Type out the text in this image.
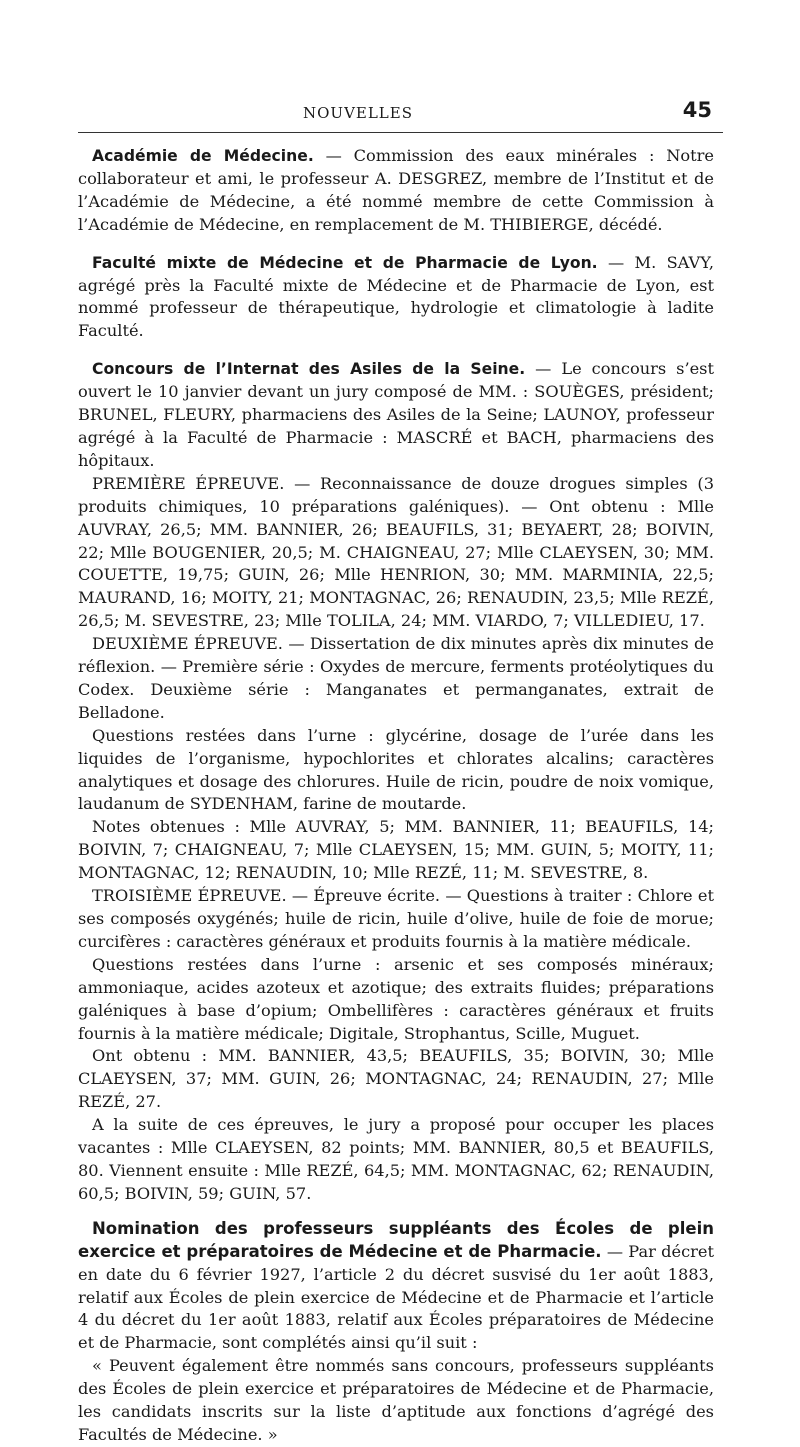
NOUVELLES	45

Académie de Médecine. — Commission des eaux minérales : Notre collaborateur et ami, le professeur A. DESGREZ, membre de l’Institut et de l’Académie de Médecine, a été nommé membre de cette Commission à l’Académie de Médecine, en remplacement de M. THIBIERGE, décédé.

Faculté mixte de Médecine et de Pharmacie de Lyon. — M. SAVY, agrégé près la Faculté mixte de Médecine et de Pharmacie de Lyon, est nommé professeur de thérapeutique, hydrologie et climatologie à ladite Faculté.

Concours de l’Internat des Asiles de la Seine. — Le concours s’est ouvert le 10 janvier devant un jury composé de MM. : SOUÈGES, président; BRUNEL, FLEURY, pharmaciens des Asiles de la Seine; LAUNOY, professeur agrégé à la Faculté de Pharmacie : MASCRÉ et BACH, pharmaciens des hôpitaux.

PREMIÈRE ÉPREUVE. — Reconnaissance de douze drogues simples (3 produits chimiques, 10 préparations galéniques). — Ont obtenu : Mlle AUVRAY, 26,5; MM. BANNIER, 26; BEAUFILS, 31; BEYAERT, 28; BOIVIN, 22; Mlle BOUGENIER, 20,5; M. CHAIGNEAU, 27; Mlle CLAEYSEN, 30; MM. COUETTE, 19,75; GUIN, 26; Mlle HENRION, 30; MM. MARMINIA, 22,5; MAURAND, 16; MOITY, 21; MONTAGNAC, 26; RENAUDIN, 23,5; Mlle REZÉ, 26,5; M. SEVESTRE, 23; Mlle TOLILA, 24; MM. VIARDO, 7; VILLEDIEU, 17.

DEUXIÈME ÉPREUVE. — Dissertation de dix minutes après dix minutes de réflexion. — Première série : Oxydes de mercure, ferments protéolytiques du Codex. Deuxième série : Manganates et permanganates, extrait de Belladone.

Questions restées dans l’urne : glycérine, dosage de l’urée dans les liquides de l’organisme, hypochlorites et chlorates alcalins; caractères analytiques et dosage des chlorures. Huile de ricin, poudre de noix vomique, laudanum de SYDENHAM, farine de moutarde.

Notes obtenues : Mlle AUVRAY, 5; MM. BANNIER, 11; BEAUFILS, 14; BOIVIN, 7; CHAIGNEAU, 7; Mlle CLAEYSEN, 15; MM. GUIN, 5; MOITY, 11; MONTAGNAC, 12; RENAUDIN, 10; Mlle REZÉ, 11; M. SEVESTRE, 8.

TROISIÈME ÉPREUVE. — Épreuve écrite. — Questions à traiter : Chlore et ses composés oxygénés; huile de ricin, huile d’olive, huile de foie de morue; curcifères : caractères généraux et produits fournis à la matière médicale.

Questions restées dans l’urne : arsenic et ses composés minéraux; ammoniaque, acides azoteux et azotique; des extraits fluides; préparations galéniques à base d’opium; Ombellifères : caractères généraux et fruits fournis à la matière médicale; Digitale, Strophantus, Scille, Muguet.

Ont obtenu : MM. BANNIER, 43,5; BEAUFILS, 35; BOIVIN, 30; Mlle CLAEYSEN, 37; MM. GUIN, 26; MONTAGNAC, 24; RENAUDIN, 27; Mlle REZÉ, 27.

A la suite de ces épreuves, le jury a proposé pour occuper les places vacantes : Mlle CLAEYSEN, 82 points; MM. BANNIER, 80,5 et BEAUFILS, 80. Viennent ensuite : Mlle REZÉ, 64,5; MM. MONTAGNAC, 62; RENAUDIN, 60,5; BOIVIN, 59; GUIN, 57.

Nomination des professeurs suppléants des Écoles de plein exercice et préparatoires de Médecine et de Pharmacie. — Par décret en date du 6 février 1927, l’article 2 du décret susvisé du 1er août 1883, relatif aux Écoles de plein exercice de Médecine et de Pharmacie et l’article 4 du décret du 1er août 1883, relatif aux Écoles préparatoires de Médecine et de Pharmacie, sont complétés ainsi qu’il suit :

« Peuvent également être nommés sans concours, professeurs suppléants des Écoles de plein exercice et préparatoires de Médecine et de Pharmacie, les candidats inscrits sur la liste d’aptitude aux fonctions d’agrégé des Facultés de Médecine. »
